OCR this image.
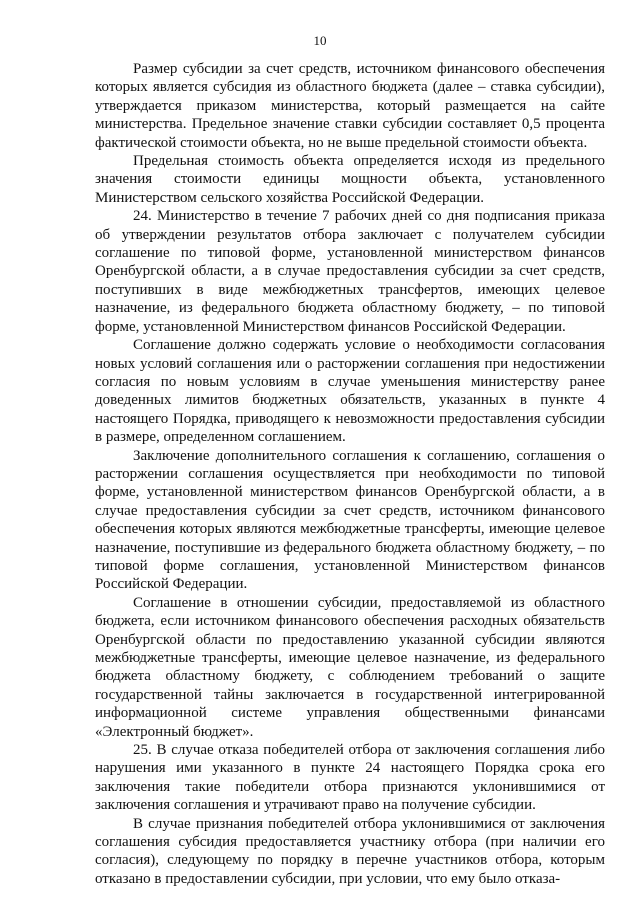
10

Размер субсидии за счет средств, источником финансового обеспечения которых является субсидия из областного бюджета (далее – ставка субсидии), утверждается приказом министерства, который размещается на сайте министерства. Предельное значение ставки субсидии составляет 0,5 процента фактической стоимости объекта, но не выше предельной стоимости объекта.

Предельная стоимость объекта определяется исходя из предельного значения стоимости единицы мощности объекта, установленного Министерством сельского хозяйства Российской Федерации.

24. Министерство в течение 7 рабочих дней со дня подписания приказа об утверждении результатов отбора заключает с получателем субсидии соглашение по типовой форме, установленной министерством финансов Оренбургской области, а в случае предоставления субсидии за счет средств, поступивших в виде межбюджетных трансфертов, имеющих целевое назначение, из федерального бюджета областному бюджету, – по типовой форме, установленной Министерством финансов Российской Федерации.

Соглашение должно содержать условие о необходимости согласования новых условий соглашения или о расторжении соглашения при недостижении согласия по новым условиям в случае уменьшения министерству ранее доведенных лимитов бюджетных обязательств, указанных в пункте 4 настоящего Порядка, приводящего к невозможности предоставления субсидии в размере, определенном соглашением.

Заключение дополнительного соглашения к соглашению, соглашения о расторжении соглашения осуществляется при необходимости по типовой форме, установленной министерством финансов Оренбургской области, а в случае предоставления субсидии за счет средств, источником финансового обеспечения которых являются межбюджетные трансферты, имеющие целевое назначение, поступившие из федерального бюджета областному бюджету, – по типовой форме соглашения, установленной Министерством финансов Российской Федерации.

Соглашение в отношении субсидии, предоставляемой из областного бюджета, если источником финансового обеспечения расходных обязательств Оренбургской области по предоставлению указанной субсидии являются межбюджетные трансферты, имеющие целевое назначение, из федерального бюджета областному бюджету, с соблюдением требований о защите государственной тайны заключается в государственной интегрированной информационной системе управления общественными финансами «Электронный бюджет».

25. В случае отказа победителей отбора от заключения соглашения либо нарушения ими указанного в пункте 24 настоящего Порядка срока его заключения такие победители отбора признаются уклонившимися от заключения соглашения и утрачивают право на получение субсидии.

В случае признания победителей отбора уклонившимися от заключения соглашения субсидия предоставляется участнику отбора (при наличии его согласия), следующему по порядку в перечне участников отбора, которым отказано в предоставлении субсидии, при условии, что ему было отказа-
